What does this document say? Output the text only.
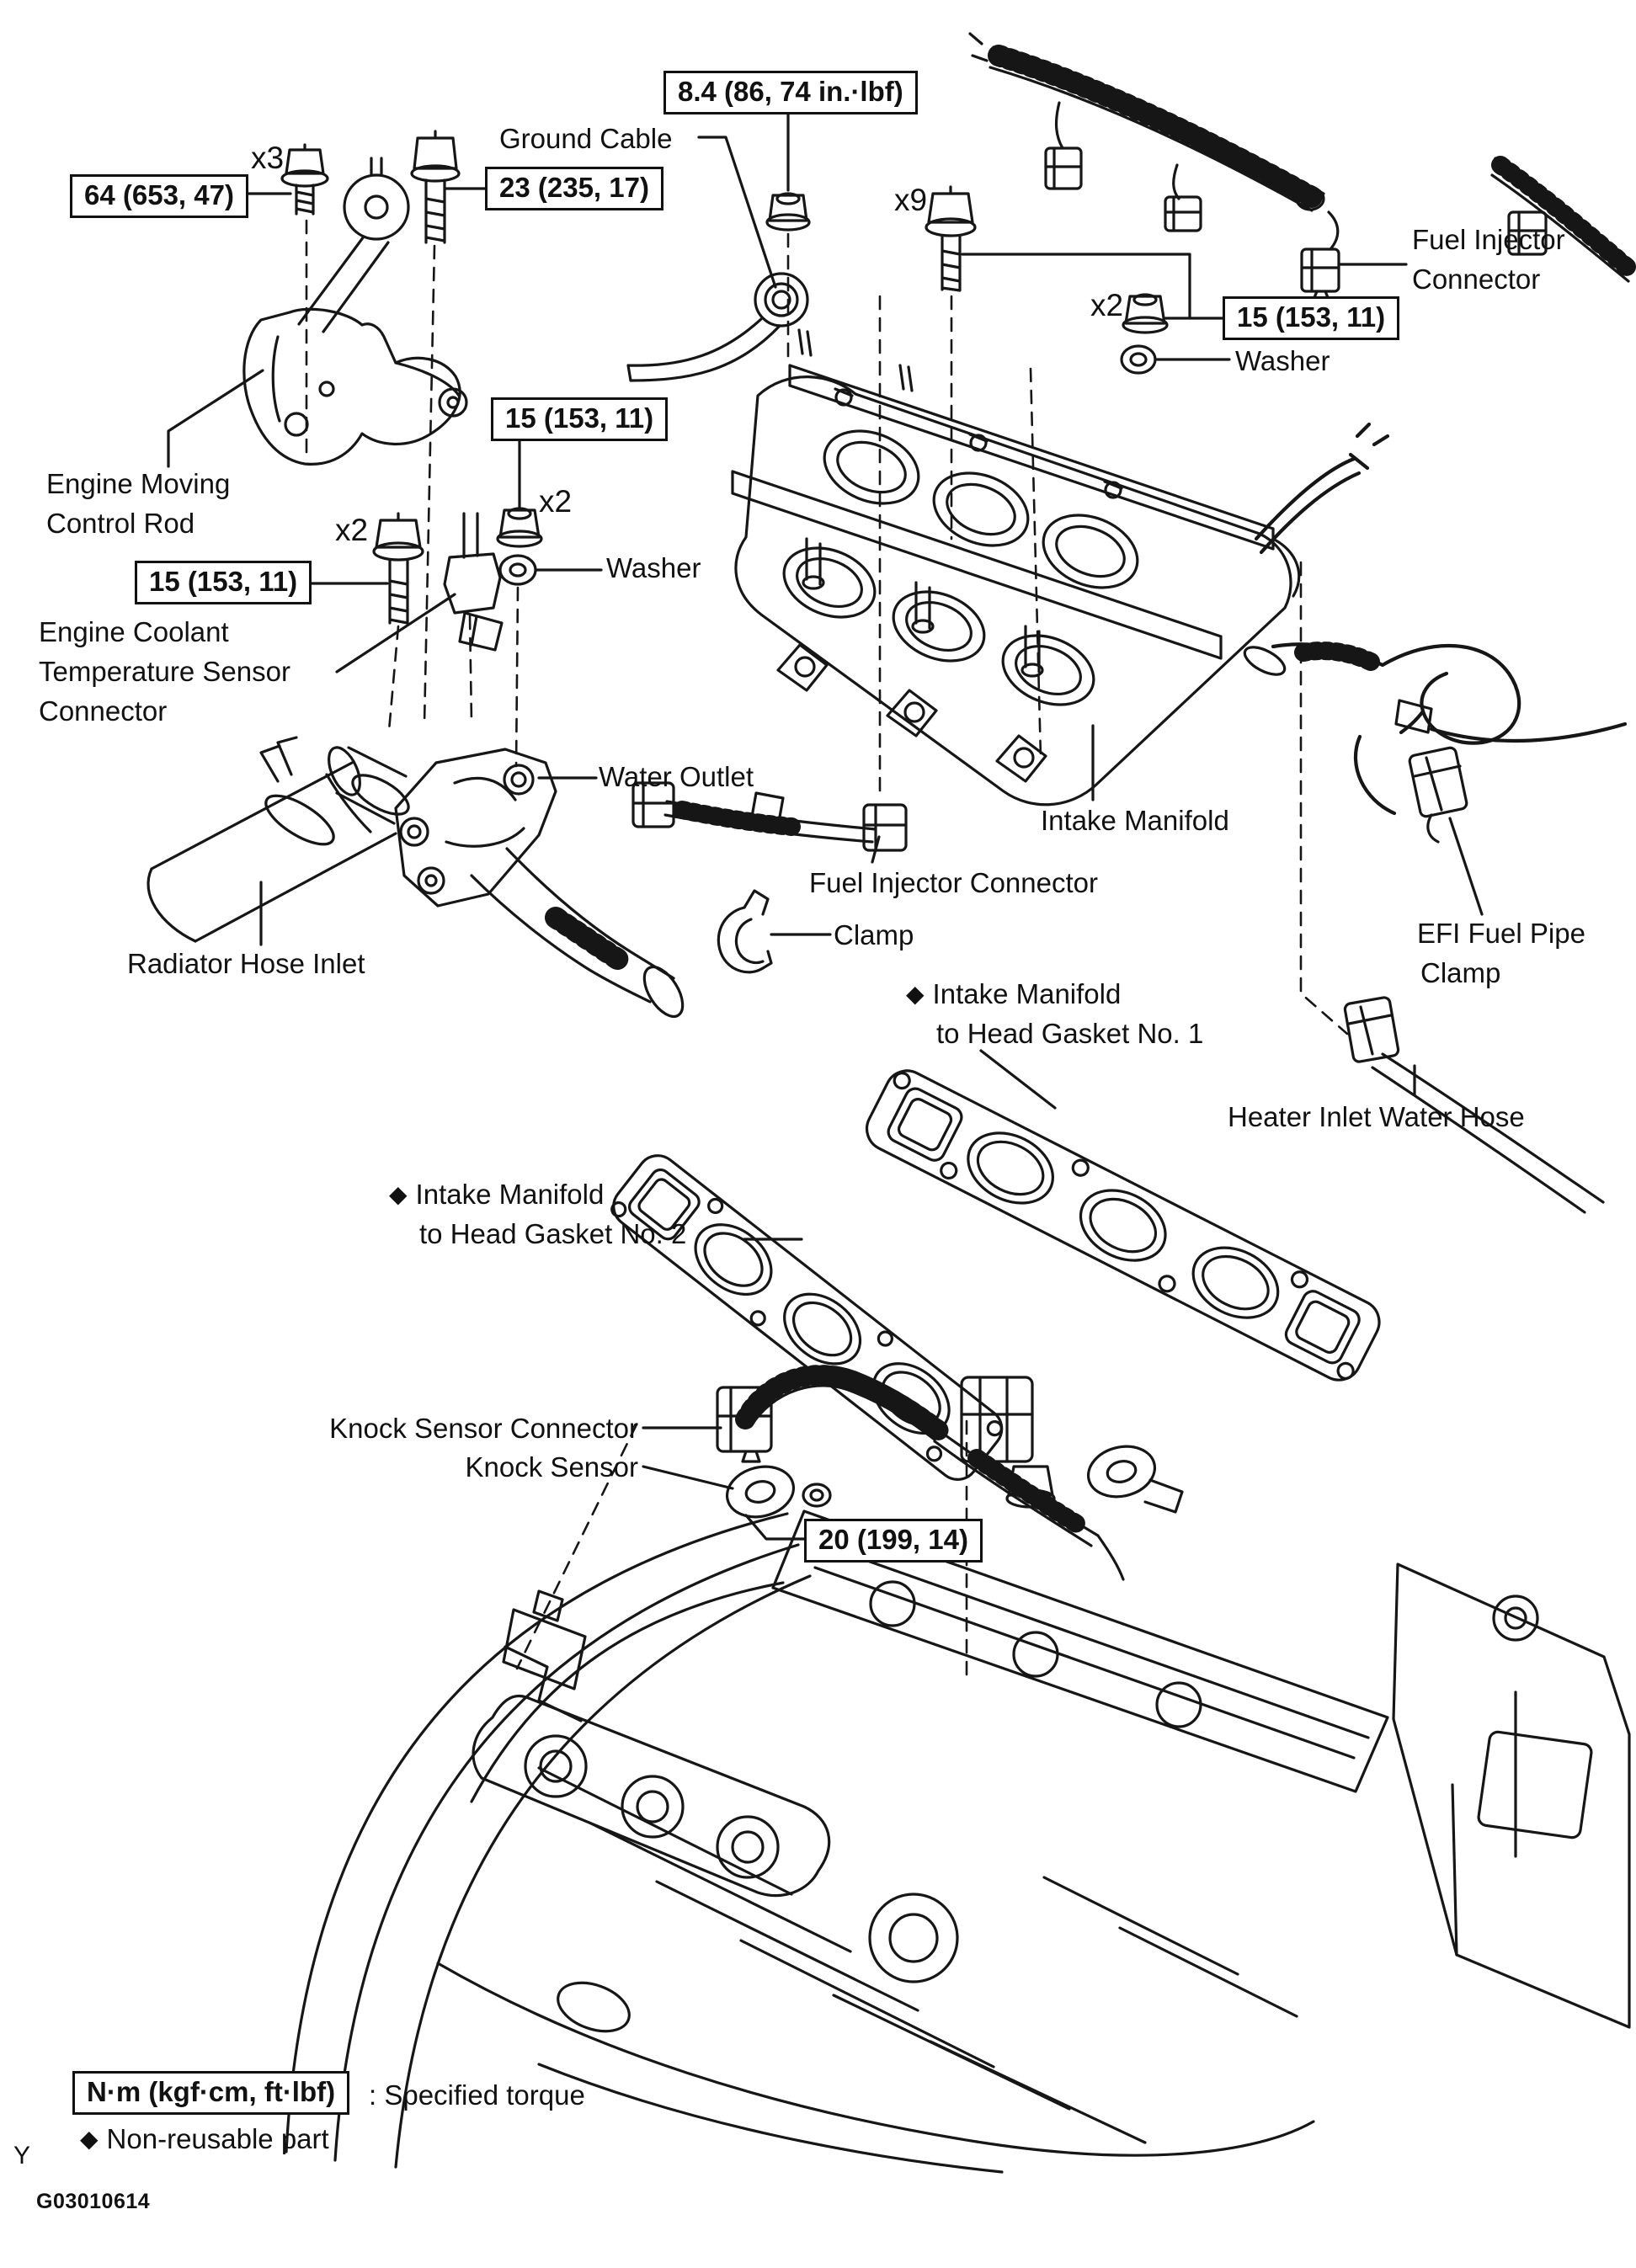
x3
64 (653, 47)
Ground Cable
23 (235, 17)
8.4 (86, 74 in.·lbf)
x9
x2	15 (153, 11)
Washer
Fuel Injector
Connector
15 (153, 11)
x2
Washer
x2
15 (153, 11)
Engine Moving
Control Rod
Engine Coolant
Temperature Sensor
Connector
Water Outlet
Intake Manifold
Fuel Injector Connector
Radiator Hose Inlet
Clamp
◆ Intake Manifold
to Head Gasket No. 1
EFI Fuel Pipe
Clamp
Heater Inlet Water Hose
◆ Intake Manifold
to Head Gasket No. 2
Knock Sensor Connector
Knock Sensor
20 (199, 14)
N·m (kgf·cm, ft·lbf)	: Specified torque
◆ Non-reusable part
Y
G03010614
